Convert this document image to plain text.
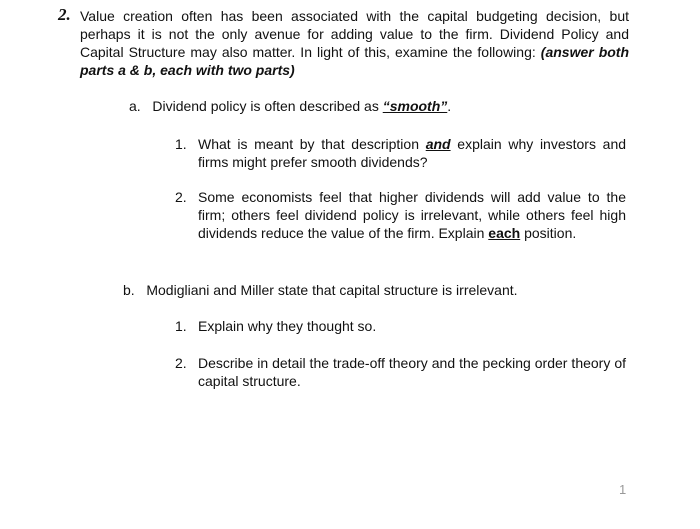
2. Value creation often has been associated with the capital budgeting decision, but perhaps it is not the only avenue for adding value to the firm. Dividend Policy and Capital Structure may also matter. In light of this, examine the following: (answer both parts a & b, each with two parts)
a. Dividend policy is often described as “smooth”.
1. What is meant by that description and explain why investors and firms might prefer smooth dividends?
2. Some economists feel that higher dividends will add value to the firm; others feel dividend policy is irrelevant, while others feel high dividends reduce the value of the firm. Explain each position.
b. Modigliani and Miller state that capital structure is irrelevant.
1. Explain why they thought so.
2. Describe in detail the trade-off theory and the pecking order theory of capital structure.
1
